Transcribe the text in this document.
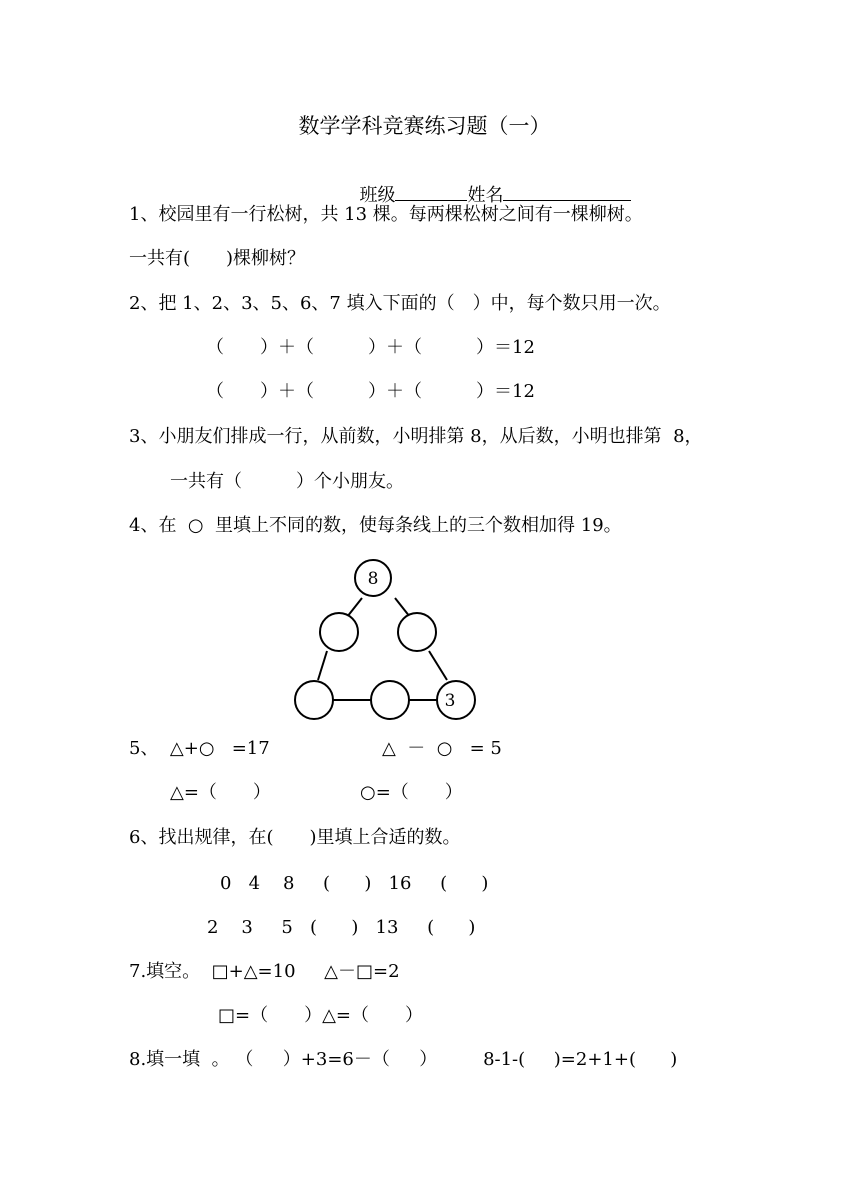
数学学科竞赛练习题（一）

班级	姓名

1、校园里有一行松树，共 13 棵。每两棵松树之间有一棵柳树。
一共有(　　)棵柳树？
2、把 1、2、3、5、6、7 填入下面的（　）中，每个数只用一次。
（　　）＋（　　　）＋（　　　）＝12
（　　）＋（　　　）＋（　　　）＝12
3、小朋友们排成一行，从前数，小明排第 8，从后数，小明也排第  8，
一共有（　　　）个小朋友。
4、在  ○  里填上不同的数，使每条线上的三个数相加得 19。
8
3
5、  △+○   =17	△  －  ○   = 5
△=（　　）	○=（　　）
6、找出规律，在(　　)里填上合适的数。
0   4    8     (      )   16     (      )
2    3     5   (      )   13     (      )
7.填空。  □+△=10     △－□=2
□=（　　）△=（　　）
8.填一填  。 （　  ）+3=6－（　  ）        8-1-(     )=2+1+(      )
